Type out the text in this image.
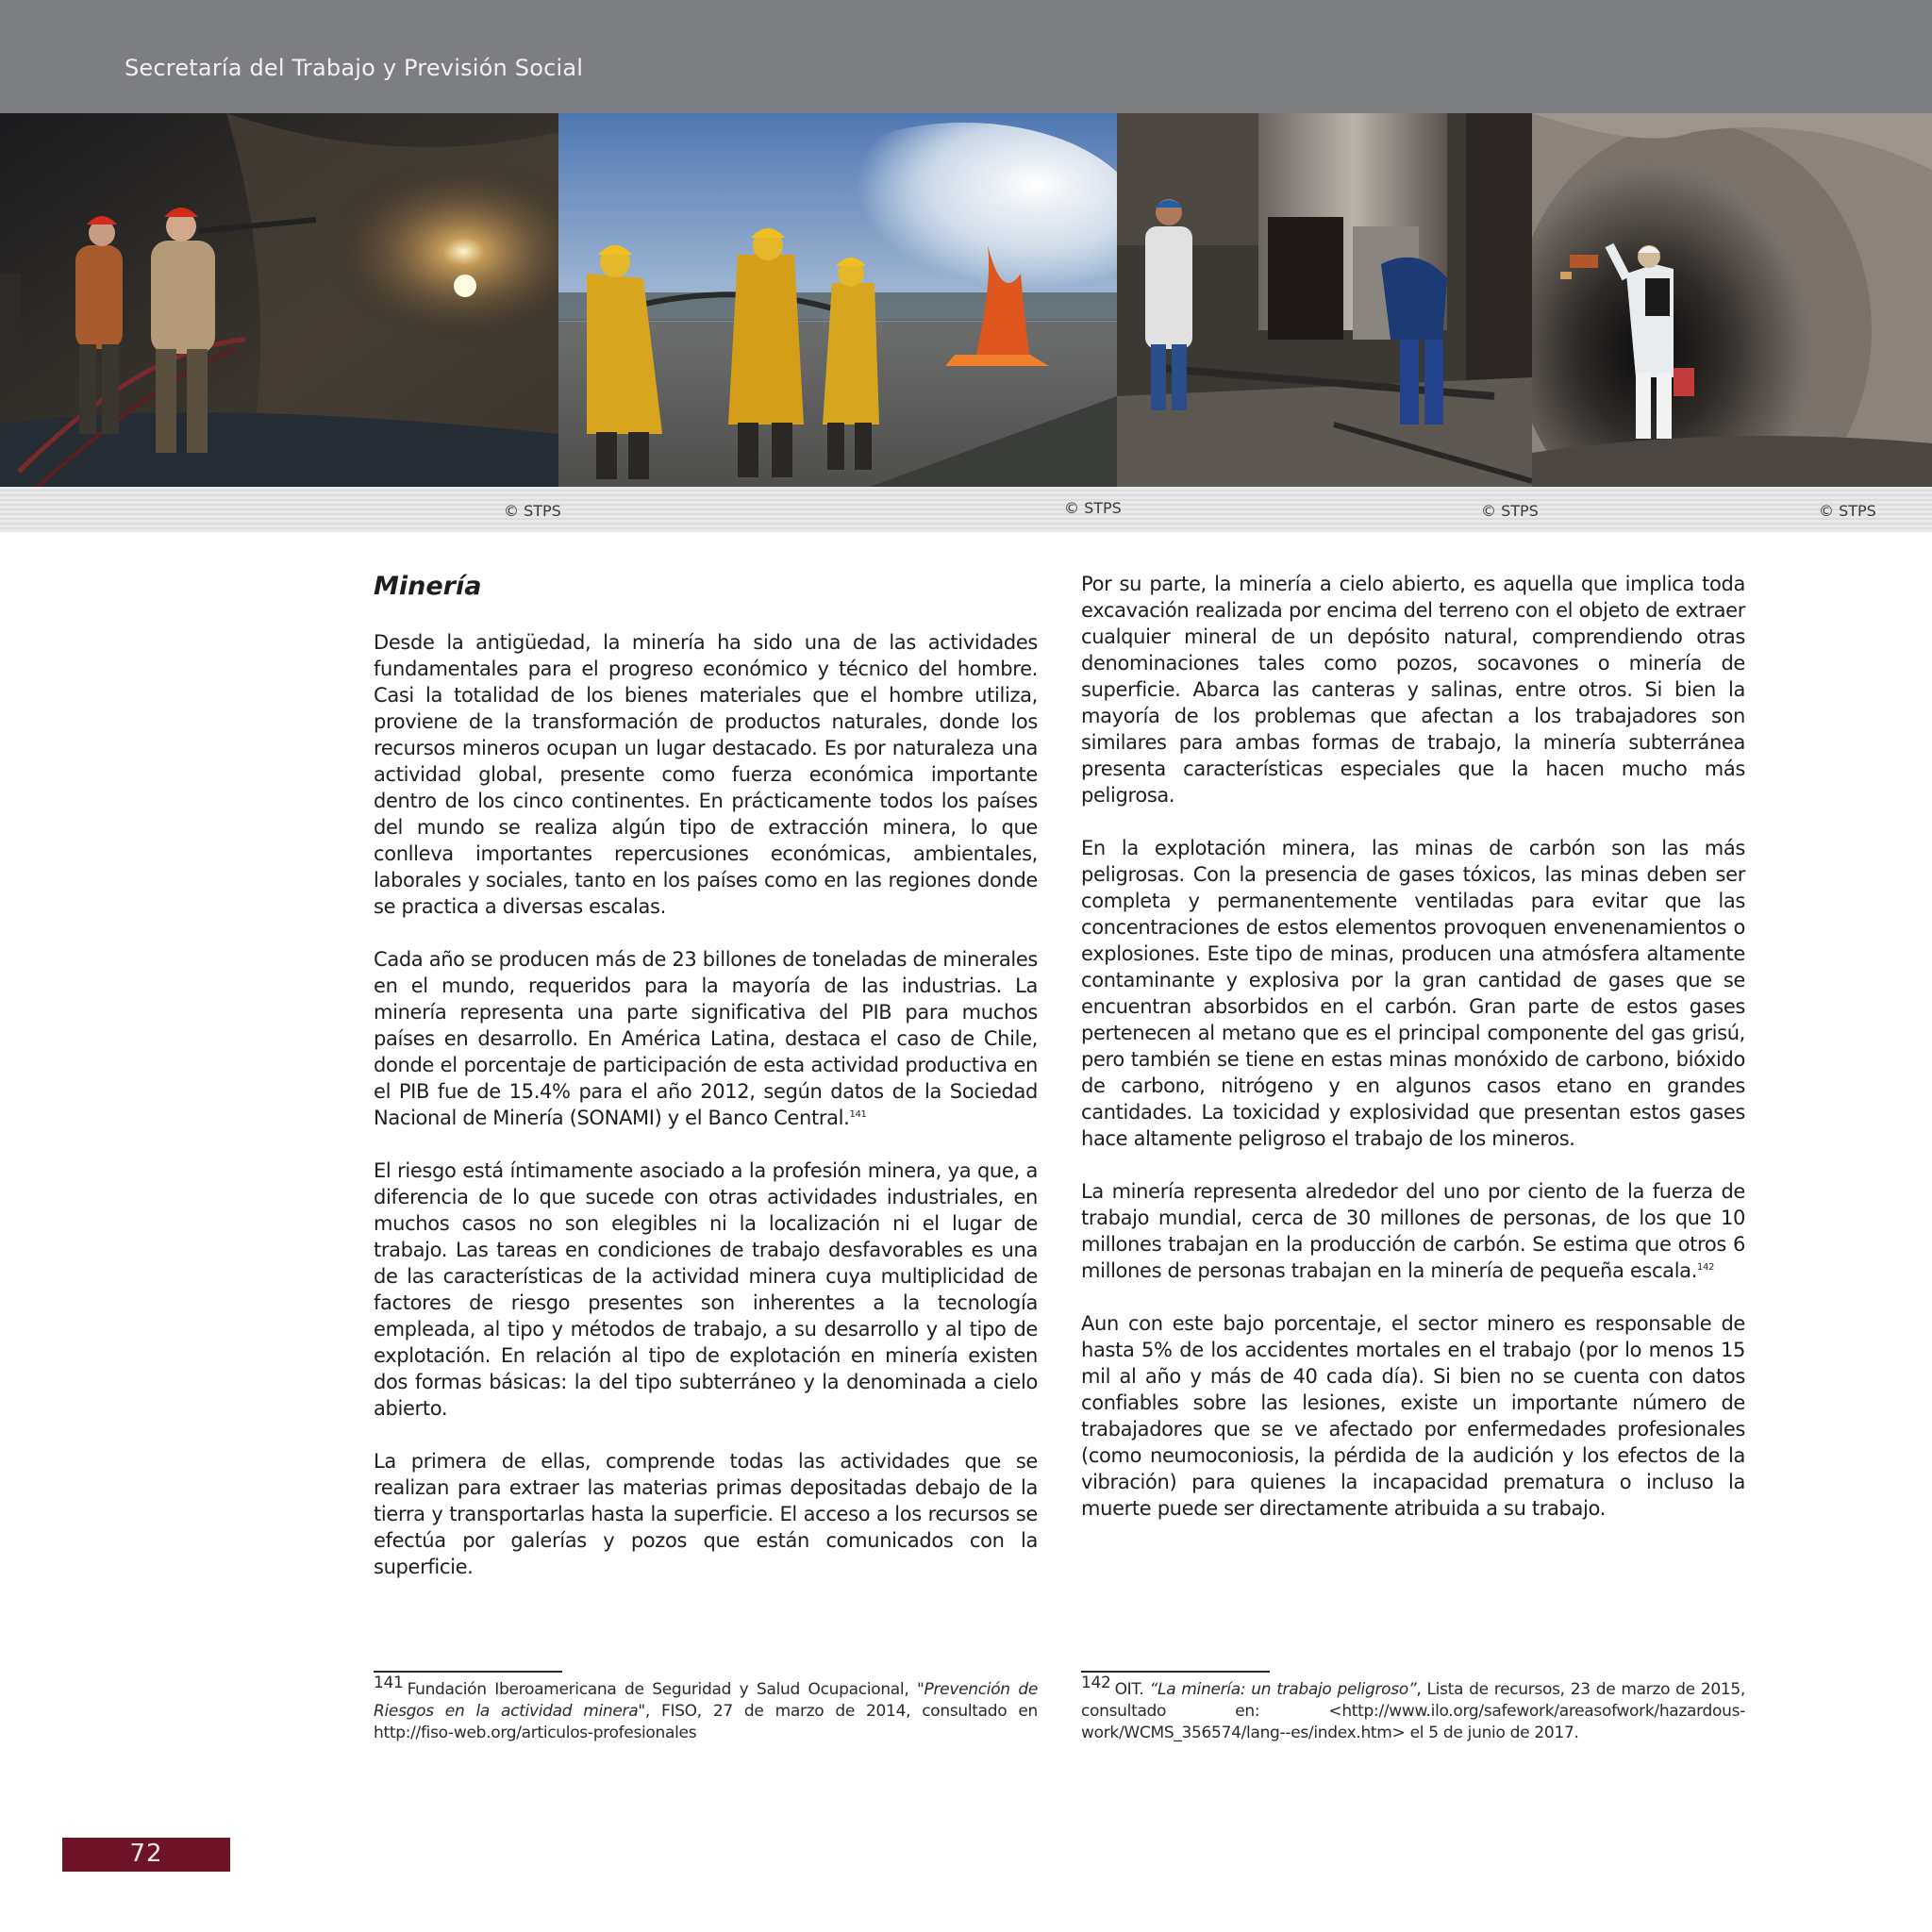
Secretaría del Trabajo y Previsión Social
© STPS	© STPS	© STPS	© STPS
Minería

Desde la antigüedad, la minería ha sido una de las actividades fundamentales para el progreso económico y técnico del hombre. Casi la totalidad de los bienes materiales que el hombre utiliza, proviene de la transformación de productos naturales, donde los recursos mineros ocupan un lugar destacado. Es por naturaleza una actividad global, presente como fuerza económica importante dentro de los cinco continentes. En prácticamente todos los países del mundo se realiza algún tipo de extracción minera, lo que conlleva importantes repercusiones económicas, ambientales, laborales y sociales, tanto en los países como en las regiones donde se practica a diversas escalas.

Cada año se producen más de 23 billones de toneladas de minerales en el mundo, requeridos para la mayoría de las industrias. La minería representa una parte significativa del PIB para muchos países en desarrollo. En América Latina, destaca el caso de Chile, donde el porcentaje de participación de esta actividad productiva en el PIB fue de 15.4% para el año 2012, según datos de la Sociedad Nacional de Minería (SONAMI) y el Banco Central.$^{141}$

El riesgo está íntimamente asociado a la profesión minera, ya que, a diferencia de lo que sucede con otras actividades industriales, en muchos casos no son elegibles ni la localización ni el lugar de trabajo. Las tareas en condiciones de trabajo desfavorables es una de las características de la actividad minera cuya multiplicidad de factores de riesgo presentes son inherentes a la tecnología empleada, al tipo y métodos de trabajo, a su desarrollo y al tipo de explotación. En relación al tipo de explotación en minería existen dos formas básicas: la del tipo subterráneo y la denominada a cielo abierto.

La primera de ellas, comprende todas las actividades que se realizan para extraer las materias primas depositadas debajo de la tierra y transportarlas hasta la superficie. El acceso a los recursos se efectúa por galerías y pozos que están comunicados con la superficie.

Por su parte, la minería a cielo abierto, es aquella que implica toda excavación realizada por encima del terreno con el objeto de extraer cualquier mineral de un depósito natural, comprendiendo otras denominaciones tales como pozos, socavones o minería de superficie. Abarca las canteras y salinas, entre otros. Si bien la mayoría de los problemas que afectan a los trabajadores son similares para ambas formas de trabajo, la minería subterránea presenta características especiales que la hacen mucho más peligrosa.

En la explotación minera, las minas de carbón son las más peligrosas. Con la presencia de gases tóxicos, las minas deben ser completa y permanentemente ventiladas para evitar que las concentraciones de estos elementos provoquen envenenamientos o explosiones. Este tipo de minas, producen una atmósfera altamente contaminante y explosiva por la gran cantidad de gases que se encuentran absorbidos en el carbón. Gran parte de estos gases pertenecen al metano que es el principal componente del gas grisú, pero también se tiene en estas minas monóxido de carbono, bióxido de carbono, nitrógeno y en algunos casos etano en grandes cantidades. La toxicidad y explosividad que presentan estos gases hace altamente peligroso el trabajo de los mineros.

La minería representa alrededor del uno por ciento de la fuerza de trabajo mundial, cerca de 30 millones de personas, de los que 10 millones trabajan en la producción de carbón. Se estima que otros 6 millones de personas trabajan en la minería de pequeña escala.$^{142}$

Aun con este bajo porcentaje, el sector minero es responsable de hasta 5% de los accidentes mortales en el trabajo (por lo menos 15 mil al año y más de 40 cada día). Si bien no se cuenta con datos confiables sobre las lesiones, existe un importante número de trabajadores que se ve afectado por enfermedades profesionales (como neumoconiosis, la pérdida de la audición y los efectos de la vibración) para quienes la incapacidad prematura o incluso la muerte puede ser directamente atribuida a su trabajo.

141 Fundación Iberoamericana de Seguridad y Salud Ocupacional, "Prevención de Riesgos en la actividad minera", FISO, 27 de marzo de 2014, consultado en http://fiso-web.org/articulos-profesionales
142 OIT. “La minería: un trabajo peligroso”, Lista de recursos, 23 de marzo de 2015, consultado en: <http://www.ilo.org/safework/areasofwork/hazardous-work/WCMS_356574/lang--es/index.htm> el 5 de junio de 2017.
72
